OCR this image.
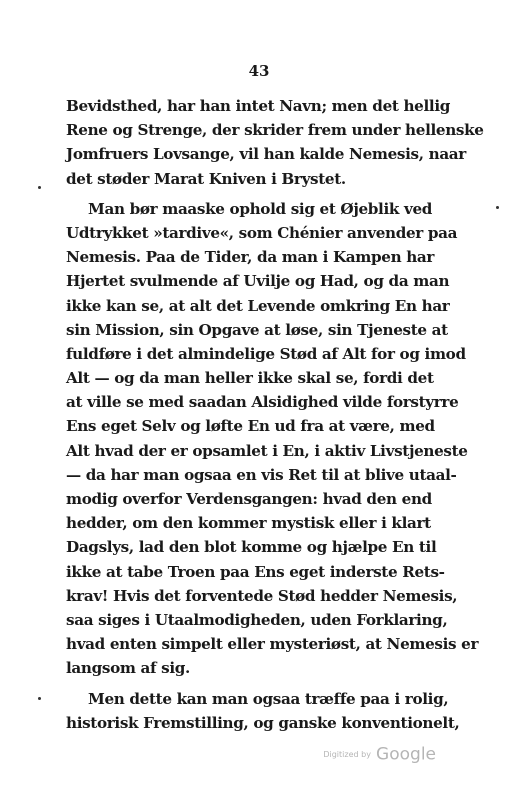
43
Bevidsthed, har han intet Navn; men det hellig
Rene og Strenge, der skrider frem under hellenske
Jomfruers Lovsange, vil han kalde Nemesis, naar
det støder Marat Kniven i Brystet.
Man bør maaske ophold sig et Øjeblik ved
Udtrykket »tardive«, som Chénier anvender paa
Nemesis. Paa de Tider, da man i Kampen har
Hjertet svulmende af Uvilje og Had, og da man
ikke kan se, at alt det Levende omkring En har
sin Mission, sin Opgave at løse, sin Tjeneste at
fuldføre i det almindelige Stød af Alt for og imod
Alt — og da man heller ikke skal se, fordi det
at ville se med saadan Alsidighed vilde forstyrre
Ens eget Selv og løfte En ud fra at være, med
Alt hvad der er opsamlet i En, i aktiv Livstjeneste
— da har man ogsaa en vis Ret til at blive utaal-
modig overfor Verdensgangen: hvad den end
hedder, om den kommer mystisk eller i klart
Dagslys, lad den blot komme og hjælpe En til
ikke at tabe Troen paa Ens eget inderste Rets-
krav! Hvis det forventede Stød hedder Nemesis,
saa siges i Utaalmodigheden, uden Forklaring,
hvad enten simpelt eller mysteriøst, at Nemesis er
langsom af sig.
Men dette kan man ogsaa træffe paa i rolig,
historisk Fremstilling, og ganske konventionelt,
Digitized by Google
